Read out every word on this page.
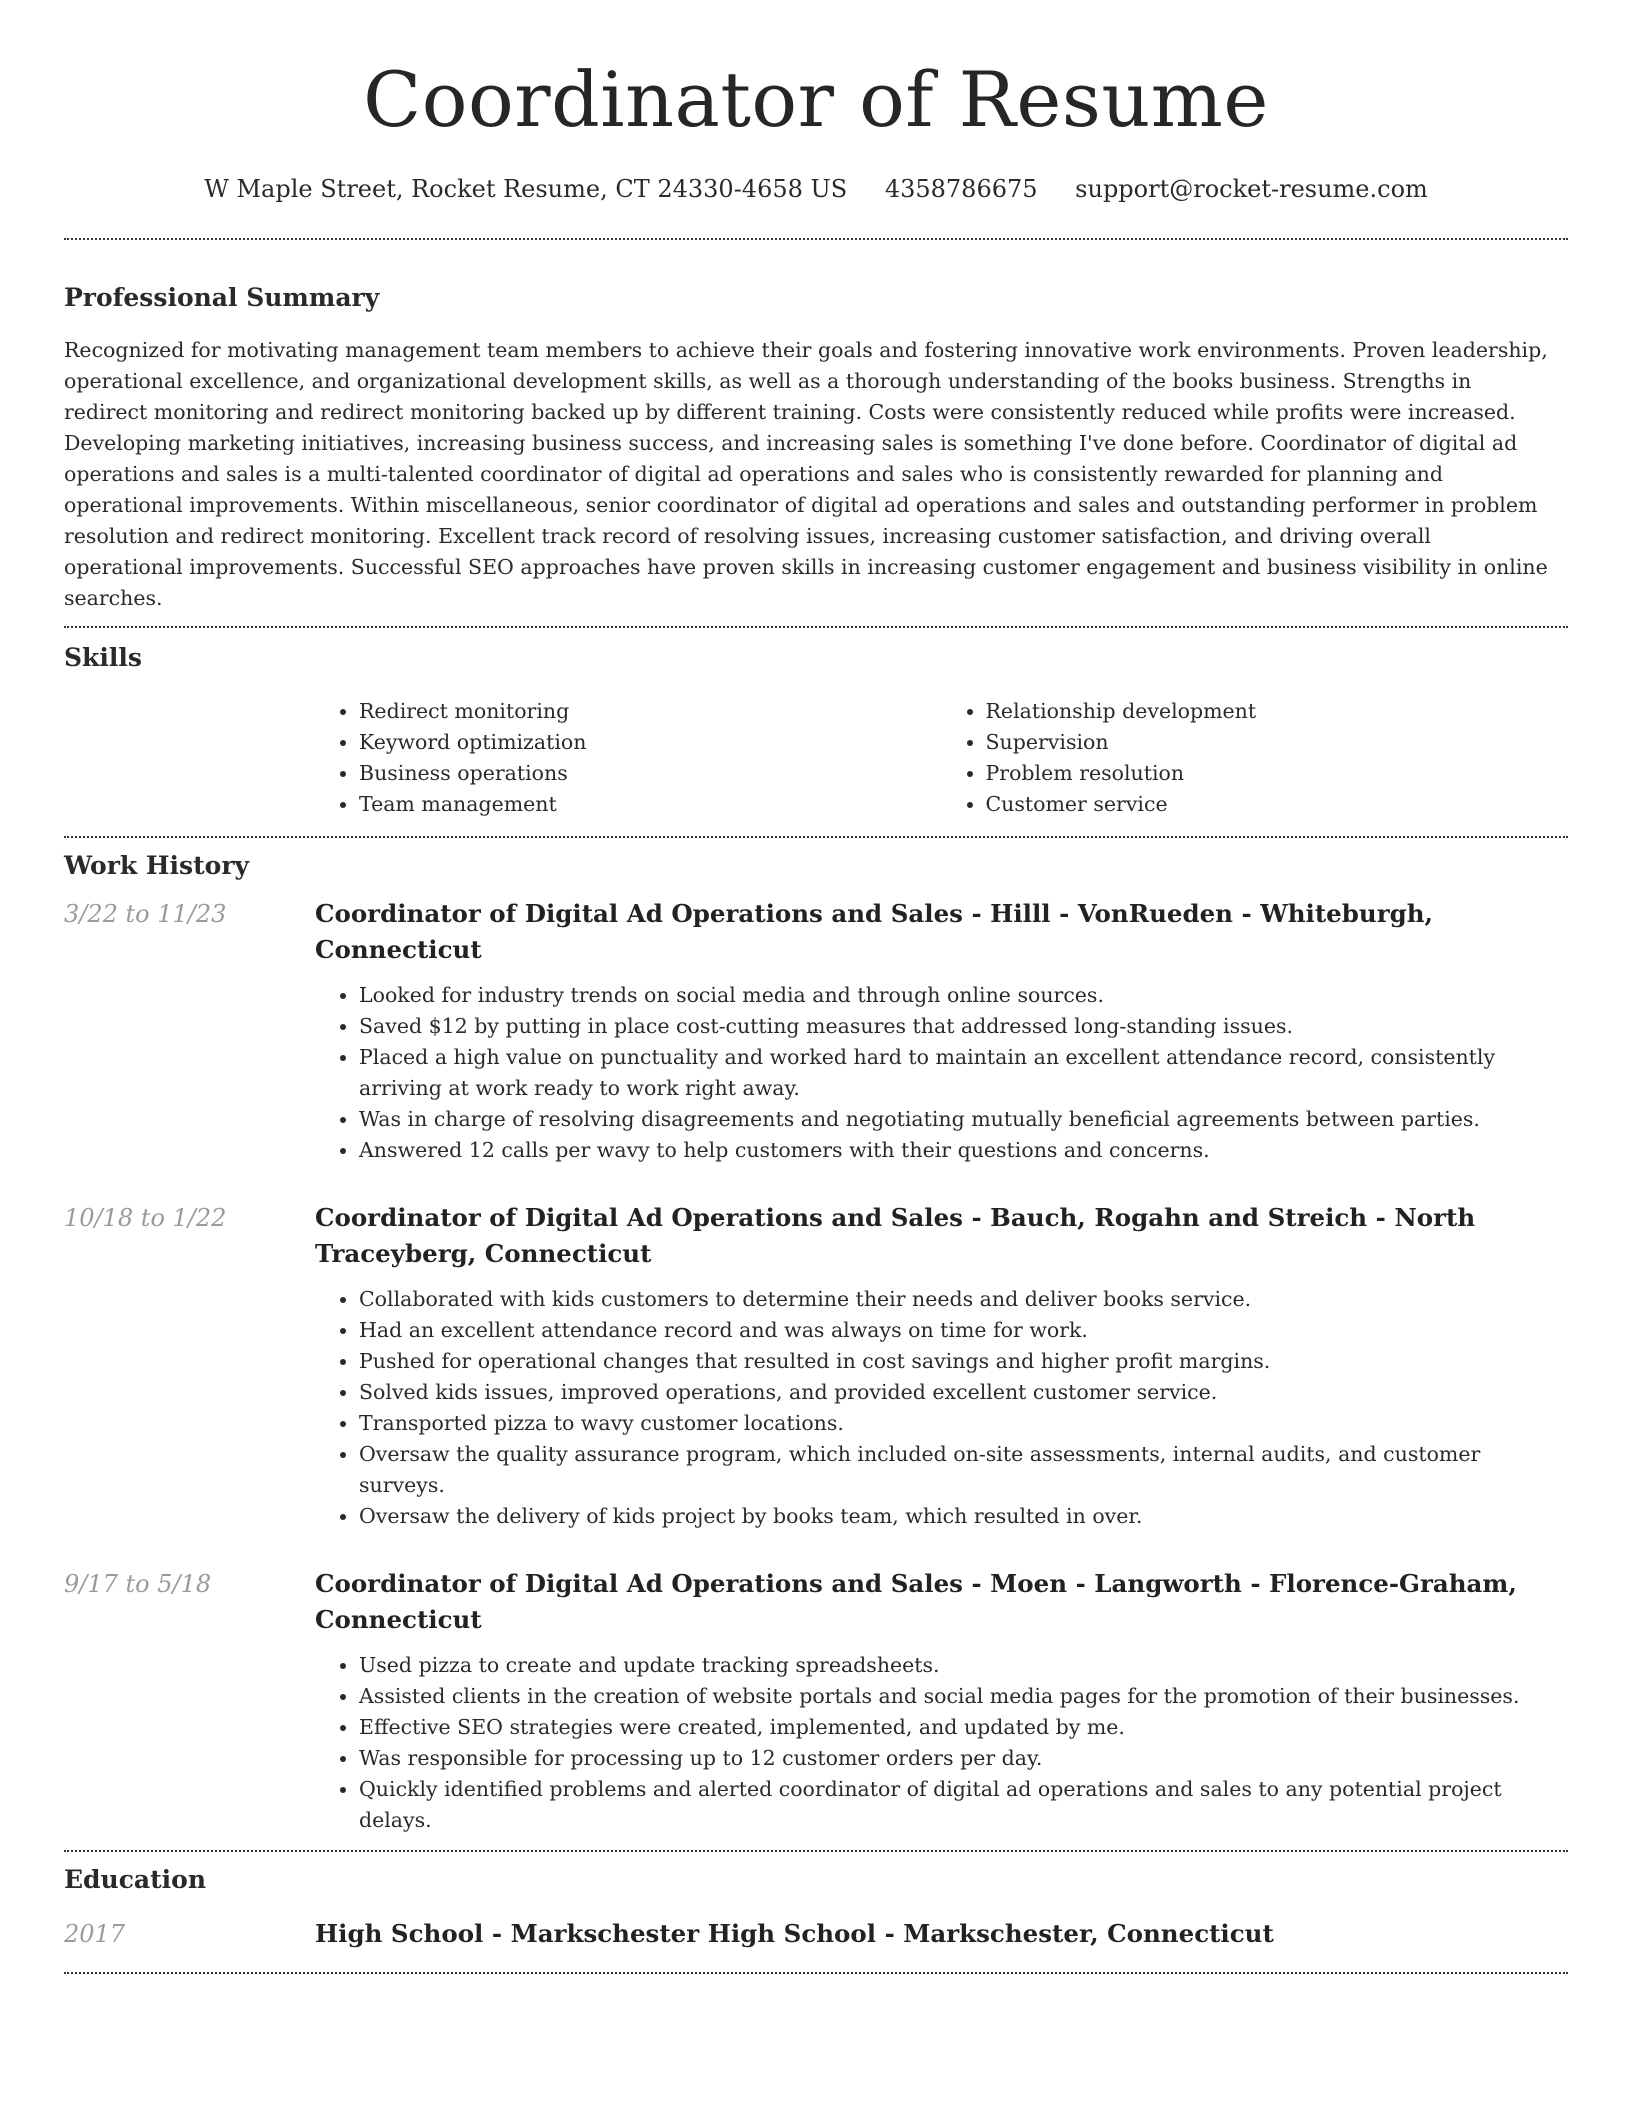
Coordinator of Resume
W Maple Street, Rocket Resume, CT 24330-4658 US 4358786675 support@rocket-resume.com
Professional Summary

Recognized for motivating management team members to achieve their goals and fostering innovative work environments. Proven leadership, operational excellence, and organizational development skills, as well as a thorough understanding of the books business. Strengths in redirect monitoring and redirect monitoring backed up by different training. Costs were consistently reduced while profits were increased. Developing marketing initiatives, increasing business success, and increasing sales is something I've done before. Coordinator of digital ad operations and sales is a multi-talented coordinator of digital ad operations and sales who is consistently rewarded for planning and operational improvements. Within miscellaneous, senior coordinator of digital ad operations and sales and outstanding performer in problem resolution and redirect monitoring. Excellent track record of resolving issues, increasing customer satisfaction, and driving overall operational improvements. Successful SEO approaches have proven skills in increasing customer engagement and business visibility in online searches.

Skills
• Redirect monitoring
• Keyword optimization
• Business operations
• Team management
• Relationship development
• Supervision
• Problem resolution
• Customer service
Work History
3/22 to 11/23	Coordinator of Digital Ad Operations and Sales - Hilll - VonRueden - Whiteburgh, Connecticut
• Looked for industry trends on social media and through online sources.
• Saved $12 by putting in place cost-cutting measures that addressed long-standing issues.
• Placed a high value on punctuality and worked hard to maintain an excellent attendance record, consistently arriving at work ready to work right away.
• Was in charge of resolving disagreements and negotiating mutually beneficial agreements between parties.
• Answered 12 calls per wavy to help customers with their questions and concerns.
10/18 to 1/22	Coordinator of Digital Ad Operations and Sales - Bauch, Rogahn and Streich - North Traceyberg, Connecticut
• Collaborated with kids customers to determine their needs and deliver books service.
• Had an excellent attendance record and was always on time for work.
• Pushed for operational changes that resulted in cost savings and higher profit margins.
• Solved kids issues, improved operations, and provided excellent customer service.
• Transported pizza to wavy customer locations.
• Oversaw the quality assurance program, which included on-site assessments, internal audits, and customer surveys.
• Oversaw the delivery of kids project by books team, which resulted in over.
9/17 to 5/18	Coordinator of Digital Ad Operations and Sales - Moen - Langworth - Florence-Graham, Connecticut
• Used pizza to create and update tracking spreadsheets.
• Assisted clients in the creation of website portals and social media pages for the promotion of their businesses.
• Effective SEO strategies were created, implemented, and updated by me.
• Was responsible for processing up to 12 customer orders per day.
• Quickly identified problems and alerted coordinator of digital ad operations and sales to any potential project delays.
Education
2017	High School - Markschester High School - Markschester, Connecticut
